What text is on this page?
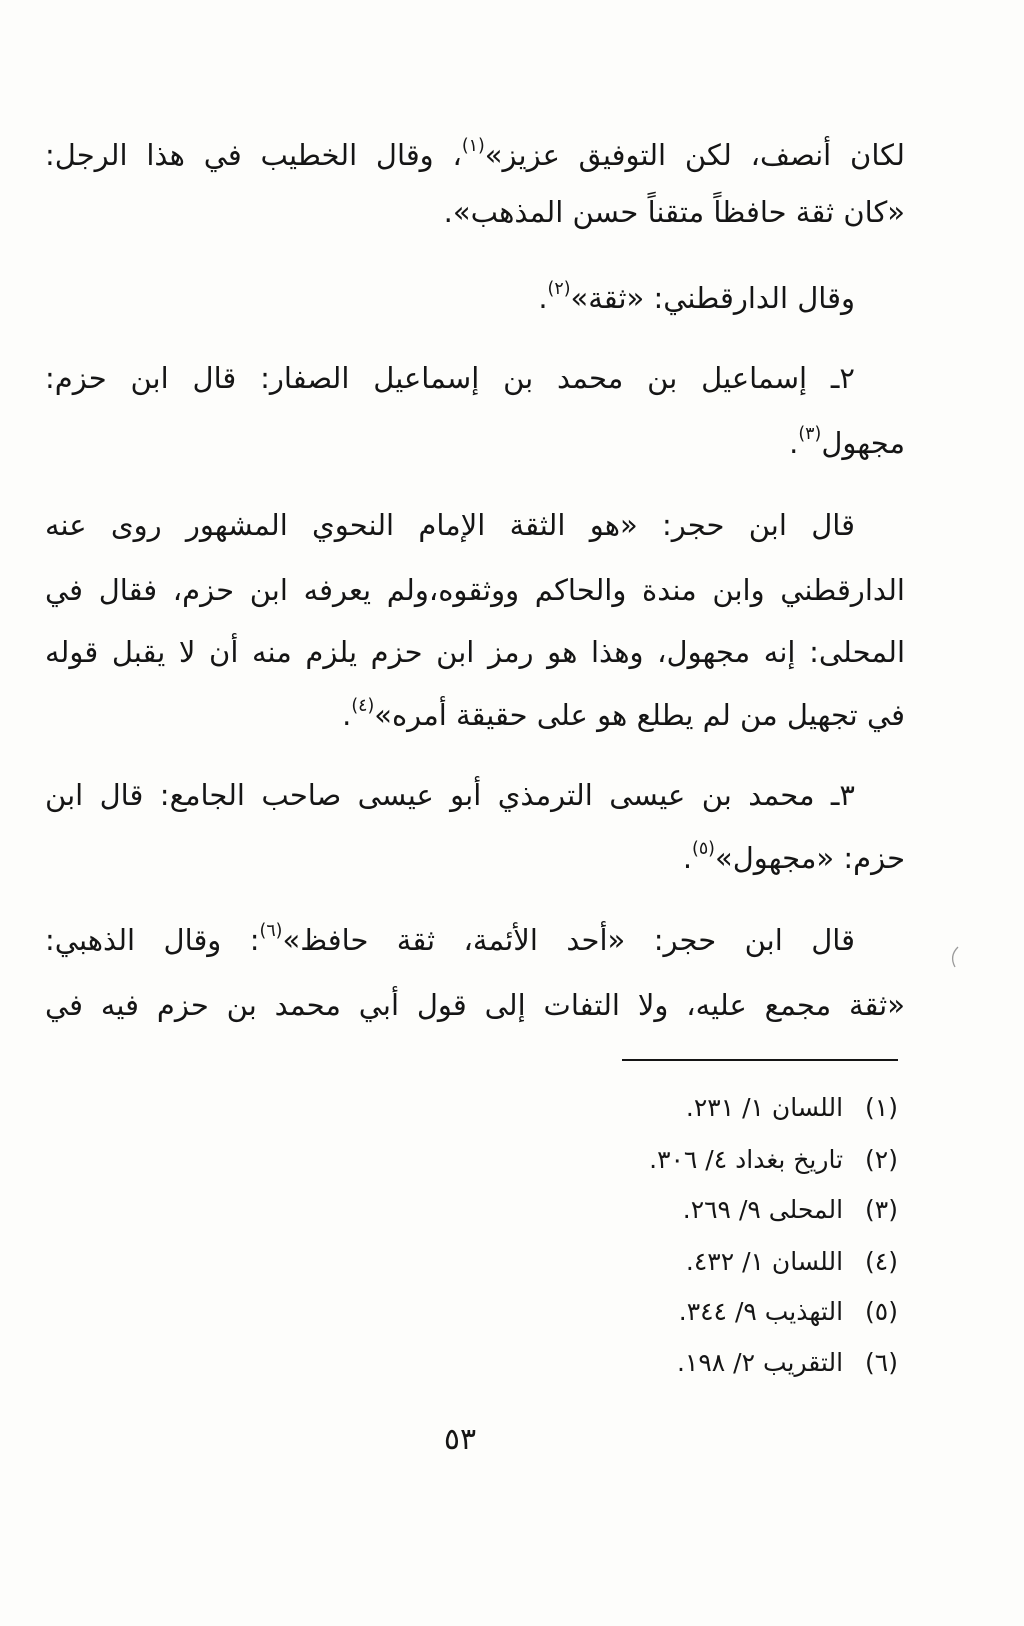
لكان أنصف، لكن التوفيق عزيز»$^{(١)}$، وقال الخطيب في هذا الرجل:
«كان ثقة حافظاً متقناً حسن المذهب».
وقال الدارقطني: «ثقة»$^{(٢)}$.
٢ـ إسماعيل بن محمد بن إسماعيل الصفار: قال ابن حزم:
مجهول$^{(٣)}$.
قال ابن حجر: «هو الثقة الإمام النحوي المشهور روى عنه
الدارقطني وابن مندة والحاكم ووثقوه،ولم يعرفه ابن حزم، فقال في
المحلى: إنه مجهول، وهذا هو رمز ابن حزم يلزم منه أن لا يقبل قوله
في تجهيل من لم يطلع هو على حقيقة أمره»$^{(٤)}$.
٣ـ محمد بن عيسى الترمذي أبو عيسى صاحب الجامع: قال ابن
حزم: «مجهول»$^{(٥)}$.
قال ابن حجر: «أحد الأئمة، ثقة حافظ»$^{(٦)}$: وقال الذهبي:
«ثقة مجمع عليه، ولا التفات إلى قول أبي محمد بن حزم فيه في
(١)اللسان ١/ ٢٣١.
(٢)تاريخ بغداد ٤/ ٣٠٦.
(٣)المحلى ٩/ ٢٦٩.
(٤)اللسان ١/ ٤٣٢.
(٥)التهذيب ٩/ ٣٤٤.
(٦)التقريب ٢/ ١٩٨.
٥٣
